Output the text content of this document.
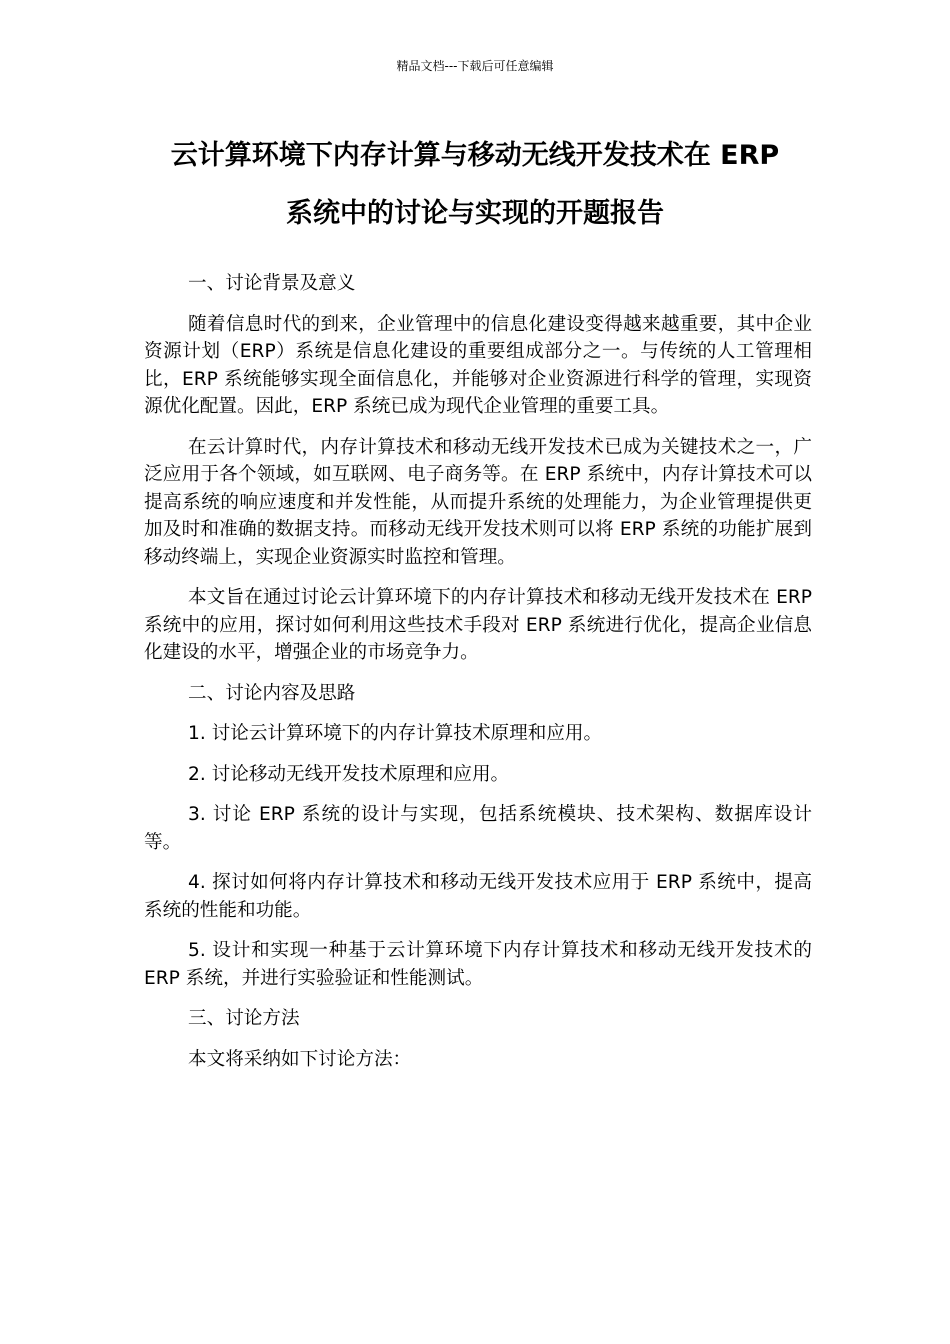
精品文档---下载后可任意编辑
云计算环境下内存计算与移动无线开发技术在 ERP
系统中的讨论与实现的开题报告

一、讨论背景及意义

随着信息时代的到来，企业管理中的信息化建设变得越来越重要，其中企业资源计划（ERP）系统是信息化建设的重要组成部分之一。与传统的人工管理相比，ERP 系统能够实现全面信息化，并能够对企业资源进行科学的管理，实现资源优化配置。因此，ERP 系统已成为现代企业管理的重要工具。

在云计算时代，内存计算技术和移动无线开发技术已成为关键技术之一，广泛应用于各个领域，如互联网、电子商务等。在 ERP 系统中，内存计算技术可以提高系统的响应速度和并发性能，从而提升系统的处理能力，为企业管理提供更加及时和准确的数据支持。而移动无线开发技术则可以将 ERP 系统的功能扩展到移动终端上，实现企业资源实时监控和管理。

本文旨在通过讨论云计算环境下的内存计算技术和移动无线开发技术在 ERP 系统中的应用，探讨如何利用这些技术手段对 ERP 系统进行优化，提高企业信息化建设的水平，增强企业的市场竞争力。

二、讨论内容及思路

1. 讨论云计算环境下的内存计算技术原理和应用。

2. 讨论移动无线开发技术原理和应用。

3. 讨论 ERP 系统的设计与实现，包括系统模块、技术架构、数据库设计等。

4. 探讨如何将内存计算技术和移动无线开发技术应用于 ERP 系统中，提高系统的性能和功能。

5. 设计和实现一种基于云计算环境下内存计算技术和移动无线开发技术的 ERP 系统，并进行实验验证和性能测试。

三、讨论方法

本文将采纳如下讨论方法：
